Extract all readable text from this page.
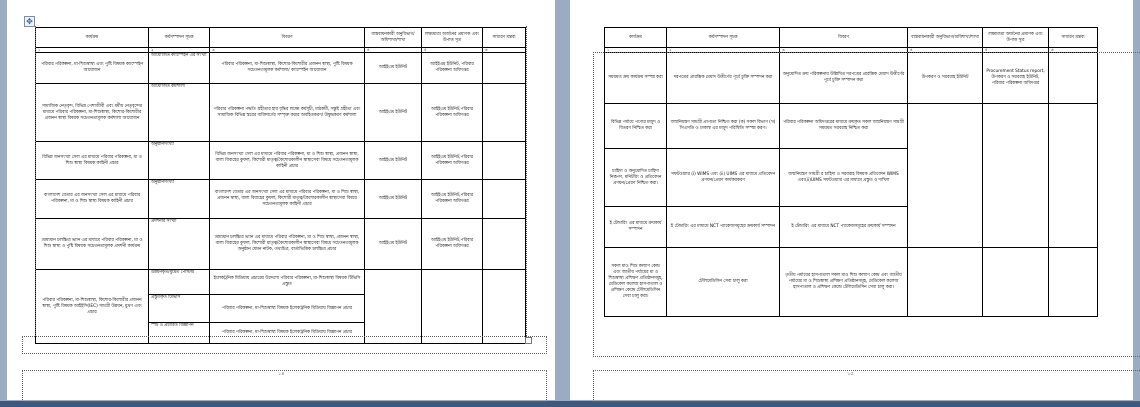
✥
কার্যক্রম	কর্মসম্পাদন সূচক	বিবরণ	বাস্তবায়নকারী অনুবিভাগ/অধিশাখা/শাখা	লক্ষ্যমাত্রা অর্জনের প্রমাণক এবং উপাত্ত সূত্র	সাধারণ মন্তব্য
১	২	৩	৪	৫	৬
পরিবার পরিকল্পনা, মা-শিশুস্বাস্থ্য এবং পুষ্টি বিষয়ক ক্যাম্পেইন আয়োজন	আয়োজিত ক্যাম্পেইন এর সংখ্যা	পরিবার পরিকল্পনা, মা-শিশুস্বাস্থ্য, কিশোর-কিশোরীর প্রজনন স্বাস্থ্য, পুষ্টি বিষয়ক সচেতনতামূলক কর্মশালা/ ক্যাম্পেইন আয়োজন	আইইএম ইউনিট	আইইএম ইউনিট, পরিবার পরিকল্পনা অধিদপ্তর	
সামাজিক নেতৃবৃন্দ, বিভিন্ন পেশাজীবী এবং ধর্মীয় নেতৃবৃন্দের মাধ্যমে পরিবার পরিকল্পনা, মা-শিশুস্বাস্থ্য, কিশোর-কিশোরীর প্রজনন স্বাস্থ্য বিষয়ক সচেতনতামূলক কর্মশালা আয়োজন	আয়োজিত কর্মশালা	পরিবার পরিকল্পনা পদ্ধতি গ্রহীতার হার বৃদ্ধির লক্ষ্যে কর্মসূচী, মাঠকর্মী, সন্তুষ্ট গ্রহীতা এবং সামাজিক বিভিন্ন স্তরের ব্যক্তিবর্গের সম্পৃক্ত করার অবহিতকরণ/ উদ্বুদ্ধকরণ কর্মশালা	আইইএম ইউনিট	আইইএম ইউনিট,পরিবার পরিকল্পনা অধিদপ্তর	
বিভিন্ন জনসংখ্যা সেল এর মাধ্যমে পরিবার পরিকল্পনা, মা ও শিশু স্বাস্থ্য বিষয়ক কাহিনী প্রচার	অনুষ্ঠানসংখ্যা	বিভিন্ন জনসংখ্যা সেল এর মাধ্যমে পরিবার পরিকল্পনা, মা ও শিশু স্বাস্থ্য, প্রজনন স্বাস্থ্য, বাল্য বিবাহের কুফল, কিশোরী মাতৃত্ব/কৈশোরকালীন স্বাস্থ্যসেবা বিষয়ে সচেতনতামূলক কাহিনী প্রচার	আইইএম ইউনিট	আইইএম ইউনিট,পরিবার পরিকল্পনা অধিদপ্তর	
বাংলাদেশ বেতার এর জনসংখ্যা সেল এর মাধ্যমে পরিবার পরিকল্পনা, মা ও শিশু স্বাস্থ্য বিষয়ক কাহিনী প্রচার	অনুষ্ঠানসংখ্যা	বাংলাদেশ বেতার এর জনসংখ্যা সেল এর মাধ্যমে পরিবার পরিকল্পনা, মা ও শিশু স্বাস্থ্য, প্রজনন স্বাস্থ্য, বাল্য বিবাহের কুফল, কিশোরী মাতৃত্ব/কৈশোরকালীন স্বাস্থ্যসেবা বিষয়ে সচেতনতামূলক কাহিনী প্রচার	আইইএম ইউনিট	আইইএম ইউনিট,পরিবার পরিকল্পনা অধিদপ্তর	
ভ্রাম্যমান চলচ্চিত্র ভ্যান এর মাধ্যমে পরিবার পরিকল্পনা, মা ও শিশু স্বাস্থ্য ও পুষ্টি বিষয়ক সচেতনতামূলক প্রদর্শনী কার্যক্রম	প্রদর্শনীর সংখ্যা	ভ্রাম্যমান চলচ্চিত্র ভ্যান এর মাধ্যমে পরিবার পরিকল্পনা, মা ও শিশু স্বাস্থ্য, প্রজনন স্বাস্থ্য, বাল্য বিবাহের কুফল, কিশোরী মাতৃত্ব/কৈশোরকালীন স্বাস্থ্যসেবা বিষয়ে সচেতনতামূলক অনুষ্ঠান যেমন নাটক, তথ্যচিত্র, বার্তাভিত্তিক চলচ্চিত্র প্রচার	আইইএম ইউনিট	আইইএম ইউনিট,পরিবার পরিকল্পনা অধিদপ্তর	
পরিবার পরিকল্পনা, মা-শিশুস্বাস্থ্য, কিশোর-কিশোরীর প্রজনন স্বাস্থ্য, পুষ্টি বিষয়ক আইইসি(IEC) সামগ্রী উন্নয়ন, মুদ্রণ এবং প্রচার	উন্নয়নকৃত/মুদ্রিত পোস্টার	ইলেকট্রনিক মিডিয়ায় প্রচারের উদ্দেশ্যে পরিবার পরিকল্পনা, মা-শিশুস্বাস্থ্য বিষয়ক টিভিসি প্রস্তুত			
	প্রস্তুতকৃত টিভিসি	পরিবার পরিকল্পনা, মা-শিশুস্বাস্থ্য বিষয়ক ইলেকট্রনিক মিডিয়ায় বিজ্ঞাপন প্রচার			
	স্পট ও প্রচারিত বিজ্ঞাপন	পরিবার পরিকল্পনা, মা-শিশুস্বাস্থ্য বিষয়ক ইলেকট্রনিক মিডিয়ায় বিজ্ঞাপন প্রচার			
১৪
কার্যক্রম	কর্মসম্পাদন সূচক	বিবরণ	বাস্তবায়নকারী অনুবিভাগ/অধিশাখা/শাখা	লক্ষ্যমাত্রা অর্জনের প্রমাণক এবং উপাত্ত সূত্র	সাধারণ মন্তব্য
১	২	৩	৪	৫	৬
সময়মত ক্রয় কার্যক্রম সম্পন্ন করা	দরপত্রের প্রারম্ভিক মেয়াদ উত্তীর্ণের পূর্বে চুক্তি সম্পাদন করা	অনুমোদিত ক্রয় পরিকল্পনায় উল্লিখিত দরপত্রের প্রারম্ভিক মেয়াদ উত্তীর্ণের পূর্বে চুক্তি সম্পাদন করা	উপকরণ ও সরবরাহ ইউনিট	Procurement Status report, উপকরণ ও সরবরাহ ইউনিট, পরিবার পরিকল্পনা অধিদপ্তর	
বিভিন্ন পর্যায়ে পণ্যের মজুদ ও বিতরণ নিশ্চিত করা	জন্মনিয়ন্ত্রণ সামগ্রী প্রাপ্যতা নিশ্চিত করা (ক) সকল বিভাগ (খ) সিএসডি ও ঢাকাস্থ এর মজুদ পরিস্থিতি সম্পন্ন করণ।	পরিবার পরিকল্পনা অধিদপ্তরের মাধ্যমে ক্রয়কৃত সকল জন্মনিয়ন্ত্রণ সামগ্রী সময়মত সরবরাহ নিশ্চিত করা			
চাহিদা ও অনুমোদিত চাহিদা নিরূপণ, মনিটরিং ও প্রতিবেদন প্রণয়ন/প্রেরণ নিশ্চিত করা।	সফটওয়্যার (i) WIMS এবং (ii) UIMS এর মাধ্যমে প্রতিবেদন প্রণয়ন/প্রেরণ কার্যকরকরণ	জন্মনিয়ন্ত্রণ সামগ্রী র চাহিদা ও সরবরাহ বিষয়ক প্রতিবেদন WIMS এবং(ii)UIMS সফটওয়্যার এর মাধ্যমে প্রস্তুত ও দাখিল			
ই টেন্ডারিং এর মাধ্যমে ক্রয়কার্য সম্পাদন	ই টেন্ডারিং এর মাধ্যমে NCT প্যাকেজসমূহের ক্রয়কার্য সম্পাদন	ই টেন্ডারিং এর মাধ্যমে NCT প্যাকেজসমূহের ক্রয়কার্য সম্পাদন			
সকল মাও শিশু কল্যাণ কেন্দ্র এবং জাতীয় পর্যায়ের মা ও শিশুস্বাস্থ্য প্রশিক্ষণ প্রতিষ্ঠানসমূহ, মেডিকেল কলেজ হাসপাতাল ও প্রশিক্ষণ কেন্দ্রে টেলিমেডিসিন সেবা চালু করা।	টেলিমেডিসিন সেবা চালু করা	তৃতীয় পর্যায়ের হাসপাতাল সকল মাও শিশু কল্যাণ কেন্দ্র এবং জাতীয় পর্যায়ের মা ও শিশুস্বাস্থ্য প্রশিক্ষণ প্রতিষ্ঠানসমূহ, মেডিকেল কলেজ হাসপাতাল ও প্রশিক্ষণ কেন্দ্রে টেলিমেডিসিন সেবা চালু করা।			
১৫
